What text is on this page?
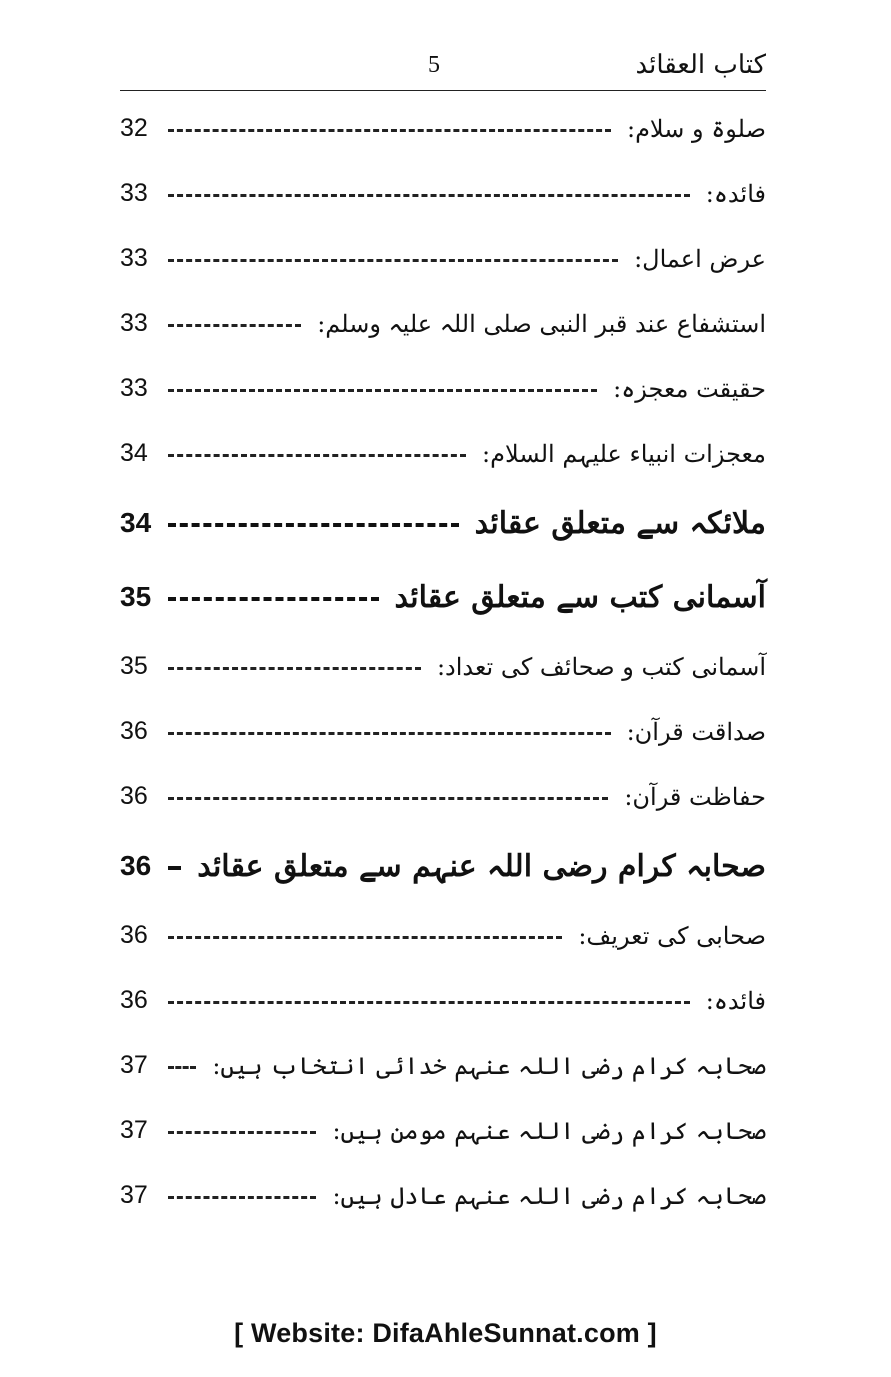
کتاب العقائد
5
صلوۃ و سلام:
32
فائدہ:
33
عرض اعمال:
33
استشفاع عند قبر النبی صلی اللہ علیہ وسلم:
33
حقیقت معجزہ:
33
معجزات انبیاء علیہم السلام:
34
ملائکہ سے متعلق عقائد
34
آسمانی کتب سے متعلق عقائد
35
آسمانی کتب و صحائف کی تعداد:
35
صداقت قرآن:
36
حفاظت قرآن:
36
صحابہ کرام رضی اللہ عنہم سے متعلق عقائد
36
صحابی کی تعریف:
36
فائدہ:
36
صحابہ کرام رضی اللہ عنہم خدائی انتخاب ہیں:
37
صحابہ کرام رضی اللہ عنہم مومن ہیں:
37
صحابہ کرام رضی اللہ عنہم عادل ہیں:
37
[ Website: DifaAhleSunnat.com ]
